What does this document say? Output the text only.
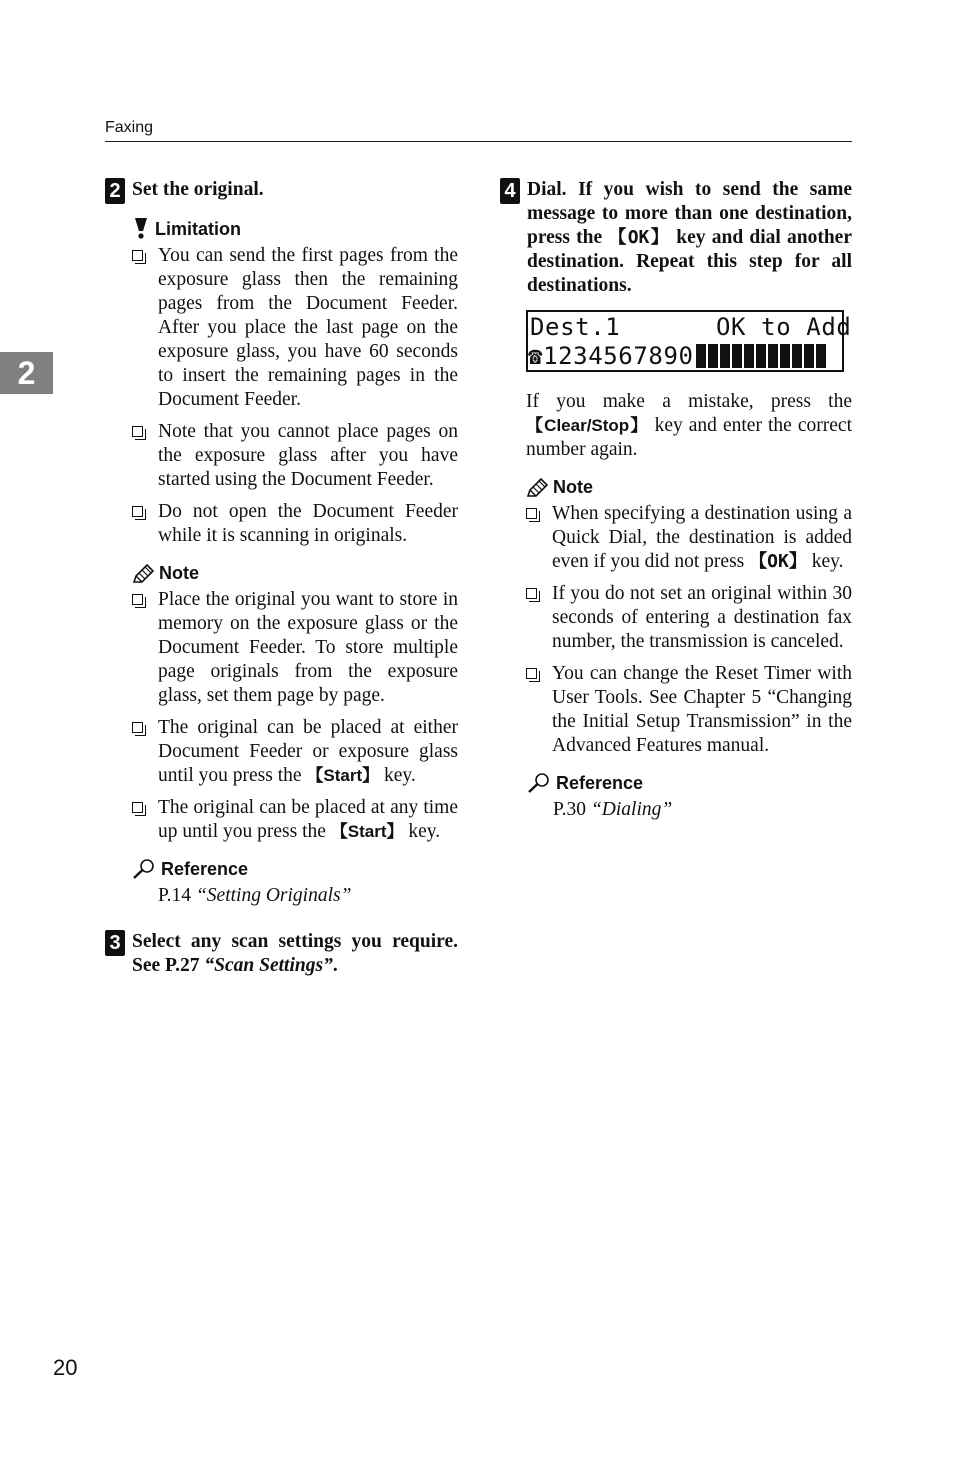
Faxing
2
2 Set the original.
Limitation
You can send the first pages from the exposure glass then the remaining pages from the Document Feeder. After you place the last page on the exposure glass, you have 60 seconds to insert the remaining pages in the Document Feeder.
Note that you cannot place pages on the exposure glass after you have started using the Document Feeder.
Do not open the Document Feeder while it is scanning in originals.
Note
Place the original you want to store in memory on the exposure glass or the Document Feeder. To store multiple page originals from the exposure glass, set them page by page.
The original can be placed at either Document Feeder or exposure glass until you press the 【Start】 key.
The original can be placed at any time up until you press the 【Start】 key.
Reference
P.14 “Setting Originals”
3 Select any scan settings you require. See P.27 “Scan Settings”.
4 Dial. If you wish to send the same message to more than one destination, press the 【OK】 key and dial another destination. Repeat this step for all destinations.
Dest.1	OK to Add
☎ 1234567890
If you make a mistake, press the 【Clear/Stop】 key and enter the correct number again.
Note
When specifying a destination using a Quick Dial, the destination is added even if you did not press 【OK】 key.
If you do not set an original within 30 seconds of entering a destination fax number, the transmission is canceled.
You can change the Reset Timer with User Tools. See Chapter 5 “Changing the Initial Setup Transmission” in the Advanced Features manual.
Reference
P.30 “Dialing”
20
